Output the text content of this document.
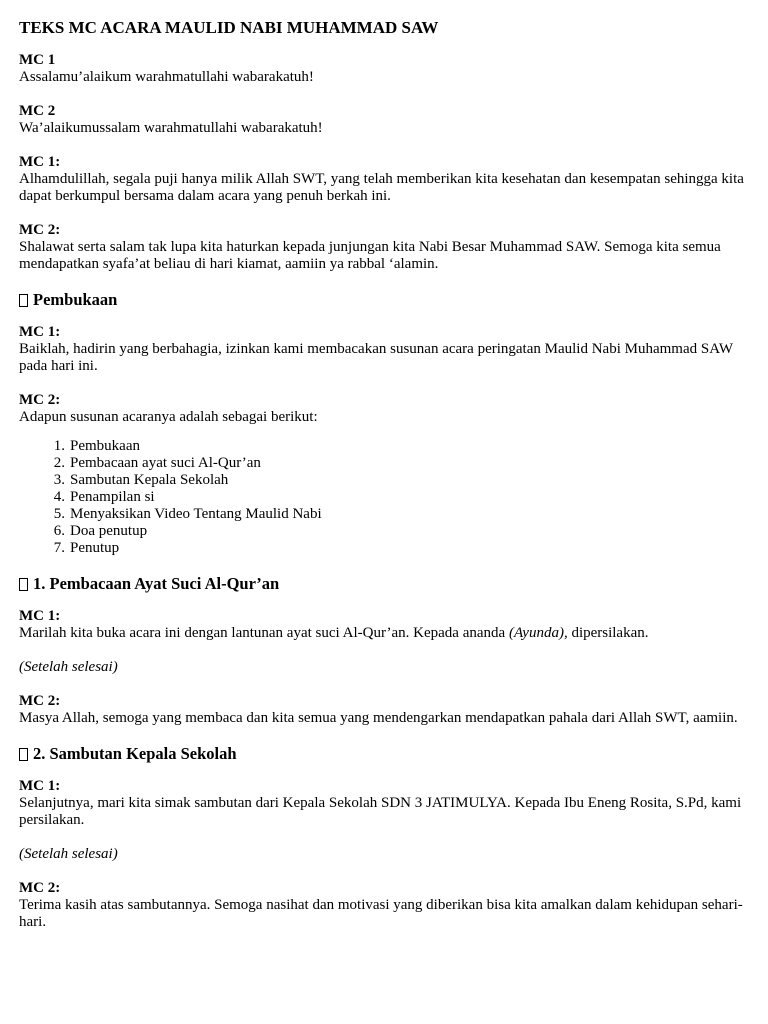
TEKS MC ACARA MAULID NABI MUHAMMAD SAW
MC 1
Assalamu’alaikum warahmatullahi wabarakatuh!
MC 2
Wa’alaikumussalam warahmatullahi wabarakatuh!
MC 1:
Alhamdulillah, segala puji hanya milik Allah SWT, yang telah memberikan kita kesehatan dan kesempatan sehingga kita dapat berkumpul bersama dalam acara yang penuh berkah ini.
MC 2:
Shalawat serta salam tak lupa kita haturkan kepada junjungan kita Nabi Besar Muhammad SAW. Semoga kita semua mendapatkan syafa’at beliau di hari kiamat, aamiin ya rabbal ‘alamin.
Pembukaan
MC 1:
Baiklah, hadirin yang berbahagia, izinkan kami membacakan susunan acara peringatan Maulid Nabi Muhammad SAW pada hari ini.
MC 2:
Adapun susunan acaranya adalah sebagai berikut:
1. Pembukaan
2. Pembacaan ayat suci Al-Qur’an
3. Sambutan Kepala Sekolah
4. Penampilan si
5. Menyaksikan Video Tentang Maulid Nabi
6. Doa penutup
7. Penutup
1. Pembacaan Ayat Suci Al-Qur’an
MC 1:
Marilah kita buka acara ini dengan lantunan ayat suci Al-Qur’an. Kepada ananda (Ayunda), dipersilakan.
(Setelah selesai)
MC 2:
Masya Allah, semoga yang membaca dan kita semua yang mendengarkan mendapatkan pahala dari Allah SWT, aamiin.
2. Sambutan Kepala Sekolah
MC 1:
Selanjutnya, mari kita simak sambutan dari Kepala Sekolah SDN 3 JATIMULYA. Kepada Ibu Eneng Rosita, S.Pd, kami persilakan.
(Setelah selesai)
MC 2:
Terima kasih atas sambutannya. Semoga nasihat dan motivasi yang diberikan bisa kita amalkan dalam kehidupan sehari-hari.
